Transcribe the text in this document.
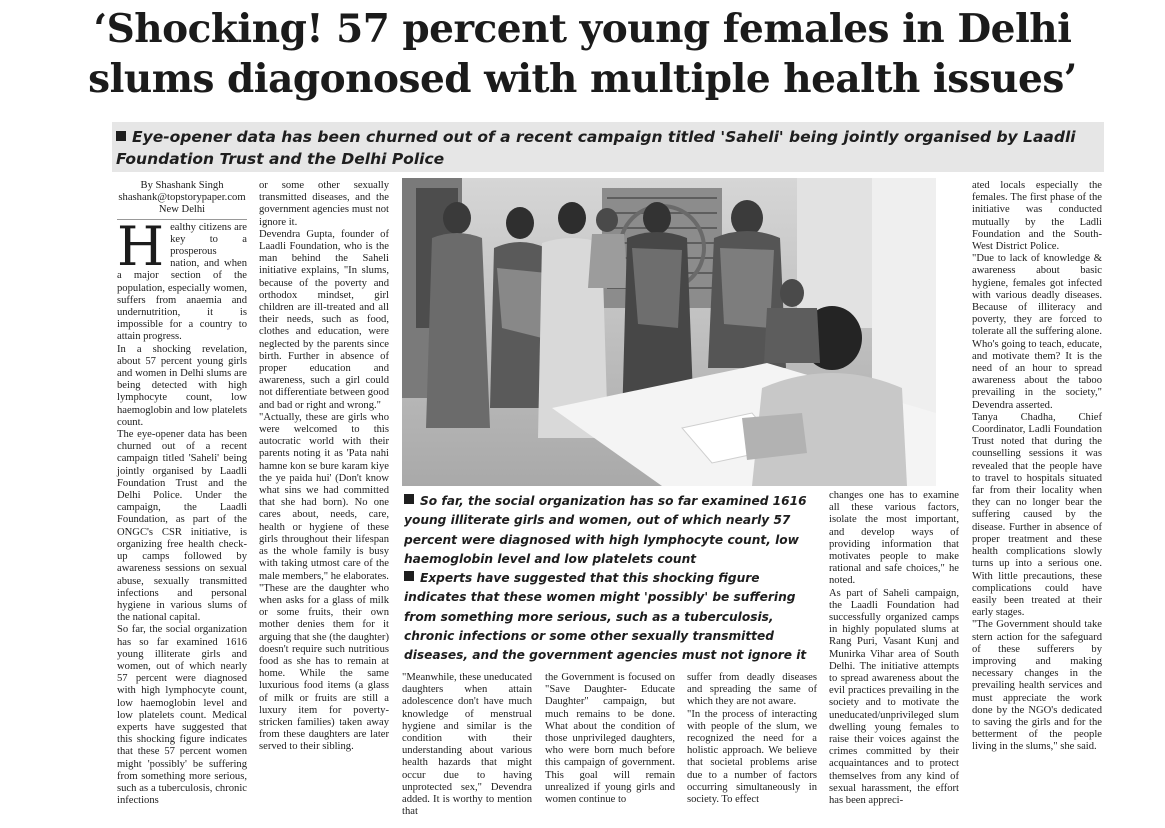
‘Shocking! 57 percent young females in Delhi
slums diagonosed with multiple health issues’

Eye-opener data has been churned out of a recent campaign titled 'Saheli' being jointly organised by Laadli Foundation Trust and the Delhi Police

By Shashank Singh
shashank@topstorypaper.com
New Delhi

Healthy citizens are key to a prosperous nation, and when a major section of the population, especially women, suffers from anaemia and undernutrition, it is impossible for a country to attain progress.

In a shocking revelation, about 57 percent young girls and women in Delhi slums are being detected with high lymphocyte count, low haemoglobin and low platelets count.

The eye-opener data has been churned out of a recent campaign titled 'Saheli' being jointly organised by Laadli Foundation Trust and the Delhi Police. Under the campaign, the Laadli Foundation, as part of the ONGC's CSR initiative, is organizing free health check-up camps followed by awareness sessions on sexual abuse, sexually transmitted infections and personal hygiene in various slums of the national capital.

So far, the social organization has so far examined 1616 young illiterate girls and women, out of which nearly 57 percent were diagnosed with high lymphocyte count, low haemoglobin level and low platelets count. Medical experts have suggested that this shocking figure indicates that these 57 percent women might 'possibly' be suffering from something more serious, such as a tuberculosis, chronic infections

or some other sexually transmitted diseases, and the government agencies must not ignore it.

Devendra Gupta, founder of Laadli Foundation, who is the man behind the Saheli initiative explains, "In slums, because of the poverty and orthodox mindset, girl children are ill-treated and all their needs, such as food, clothes and education, were neglected by the parents since birth. Further in absence of proper education and awareness, such a girl could not differentiate between good and bad or right and wrong."

"Actually, these are girls who were welcomed to this autocratic world with their parents noting it as 'Pata nahi hamne kon se bure karam kiye the ye paida hui' (Don't know what sins we had committed that she had born). No one cares about, needs, care, health or hygiene of these girls throughout their lifespan as the whole family is busy with taking utmost care of the male members," he elaborates.

"These are the daughter who when asks for a glass of milk or some fruits, their own mother denies them for it arguing that she (the daughter) doesn't require such nutritious food as she has to remain at home. While the same luxurious food items (a glass of milk or fruits are still a luxury item for poverty-stricken families) taken away from these daughters are later served to their sibling.

So far, the social organization has so far examined 1616 young illiterate girls and women, out of which nearly 57 percent were diagnosed with high lymphocyte count, low haemoglobin level and low platelets count

Experts have suggested that this shocking figure indicates that these women might 'possibly' be suffering from something more serious, such as a tuberculosis, chronic infections or some other sexually transmitted diseases, and the government agencies must not ignore it

"Meanwhile, these uneducated daughters when attain adolescence don't have much knowledge of menstrual hygiene and similar is the condition with their understanding about various health hazards that might occur due to having unprotected sex," Devendra added. It is worthy to mention that

the Government is focused on "Save Daughter- Educate Daughter" campaign, but much remains to be done. What about the condition of those unprivileged daughters, who were born much before this campaign of government. This goal will remain unrealized if young girls and women continue to

suffer from deadly diseases and spreading the same of which they are not aware.

"In the process of interacting with people of the slum, we recognized the need for a holistic approach. We believe that societal problems arise due to a number of factors occurring simultaneously in society. To effect

changes one has to examine all these various factors, isolate the most important, and develop ways of providing information that motivates people to make rational and safe choices," he noted.

As part of Saheli campaign, the Laadli Foundation had successfully organized camps in highly populated slums at Rang Puri, Vasant Kunj and Munirka Vihar area of South Delhi. The initiative attempts to spread awareness about the evil practices prevailing in the society and to motivate the uneducated/unprivileged slum dwelling young females to raise their voices against the crimes committed by their acquaintances and to protect themselves from any kind of sexual harassment, the effort has been appreci-

ated locals especially the females. The first phase of the initiative was conducted mutually by the Ladli Foundation and the South-West District Police.

"Due to lack of knowledge & awareness about basic hygiene, females got infected with various deadly diseases. Because of illiteracy and poverty, they are forced to tolerate all the suffering alone. Who's going to teach, educate, and motivate them? It is the need of an hour to spread awareness about the taboo prevailing in the society," Devendra asserted.

Tanya Chadha, Chief Coordinator, Ladli Foundation Trust noted that during the counselling sessions it was revealed that the people have to travel to hospitals situated far from their locality when they can no longer bear the suffering caused by the disease. Further in absence of proper treatment and these health complications slowly turns up into a serious one. With little precautions, these complications could have easily been treated at their early stages.

"The Government should take stern action for the safeguard of these sufferers by improving and making necessary changes in the prevailing health services and must appreciate the work done by the NGO's dedicated to saving the girls and for the betterment of the people living in the slums," she said.
